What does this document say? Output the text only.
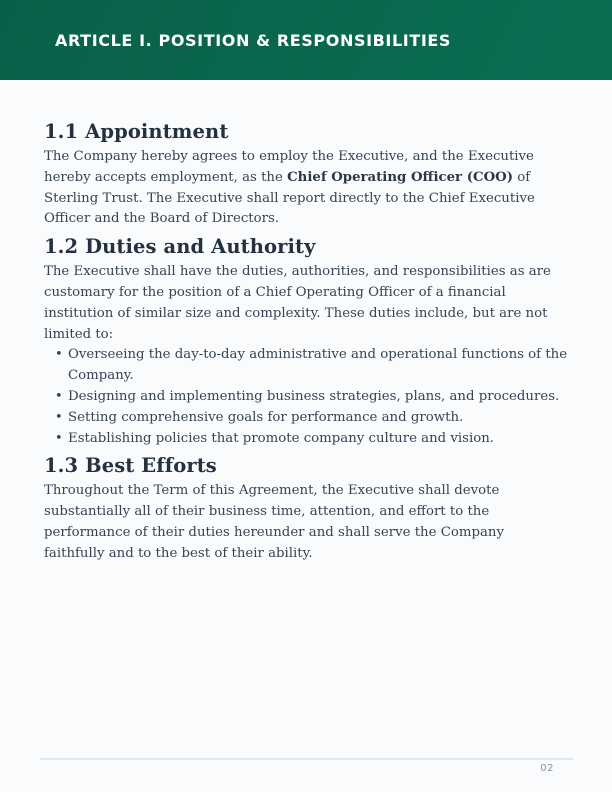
ARTICLE I. POSITION & RESPONSIBILITIES
1.1 Appointment

The Company hereby agrees to employ the Executive, and the Executive hereby accepts employment, as the Chief Operating Officer (COO) of Sterling Trust. The Executive shall report directly to the Chief Executive Officer and the Board of Directors.

1.2 Duties and Authority

The Executive shall have the duties, authorities, and responsibilities as are customary for the position of a Chief Operating Officer of a financial institution of similar size and complexity. These duties include, but are not limited to:

• Overseeing the day-to-day administrative and operational functions of the Company.
• Designing and implementing business strategies, plans, and procedures.
• Setting comprehensive goals for performance and growth.
• Establishing policies that promote company culture and vision.
1.3 Best Efforts

Throughout the Term of this Agreement, the Executive shall devote substantially all of their business time, attention, and effort to the performance of their duties hereunder and shall serve the Company faithfully and to the best of their ability.

02
